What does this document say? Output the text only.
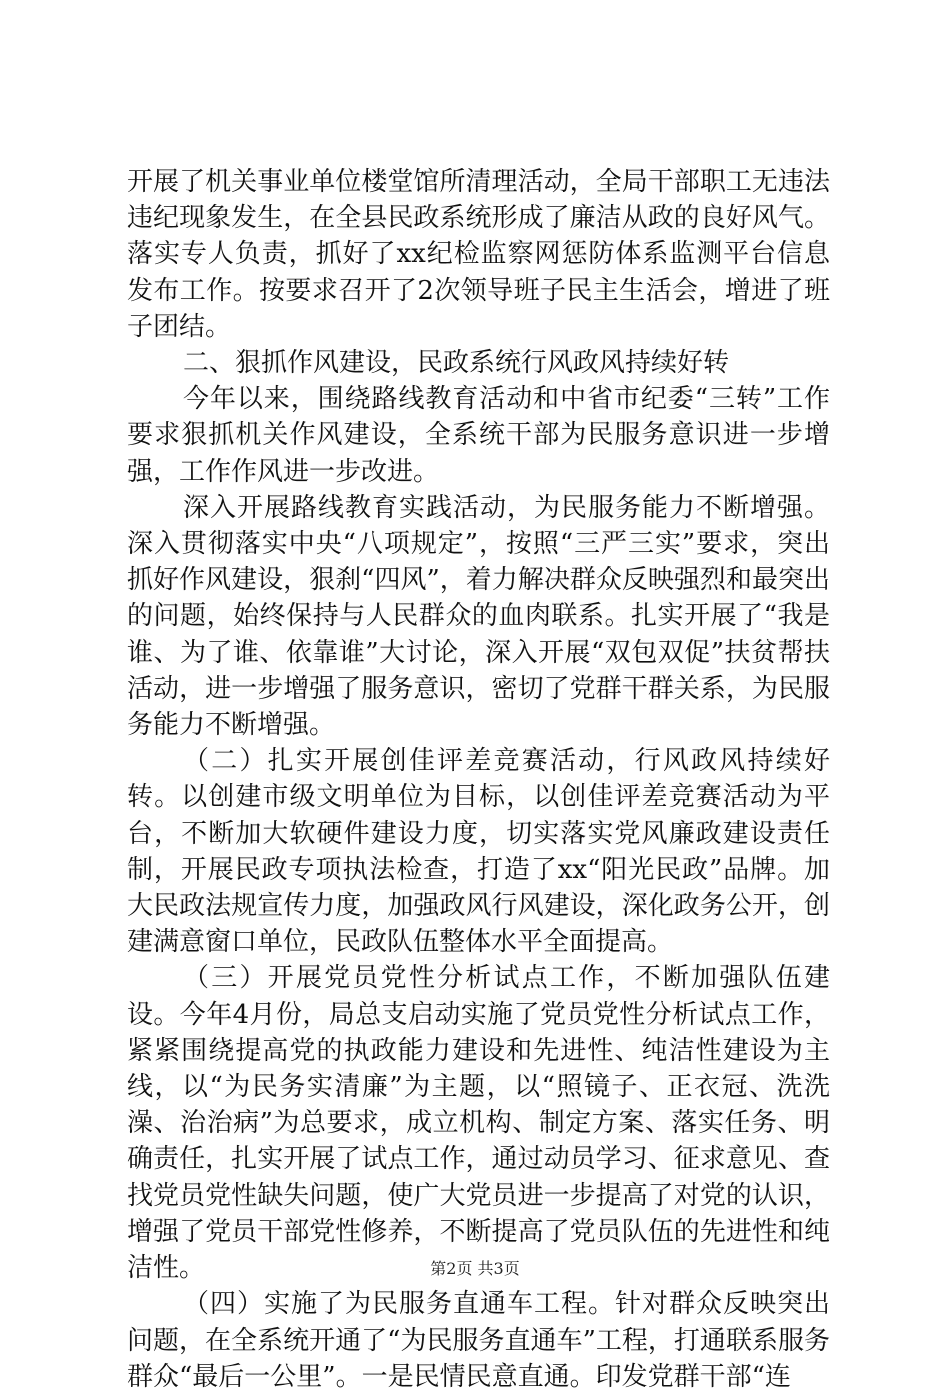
开展了机关事业单位楼堂馆所清理活动，全局干部职工无违法违纪现象发生，在全县民政系统形成了廉洁从政的良好风气。落实专人负责，抓好了xx纪检监察网惩防体系监测平台信息发布工作。按要求召开了2次领导班子民主生活会，增进了班子团结。

二、狠抓作风建设，民政系统行风政风持续好转

今年以来，围绕路线教育活动和中省市纪委“三转”工作要求狠抓机关作风建设，全系统干部为民服务意识进一步增强，工作作风进一步改进。

深入开展路线教育实践活动，为民服务能力不断增强。深入贯彻落实中央“八项规定”，按照“三严三实”要求，突出抓好作风建设，狠刹“四风”，着力解决群众反映强烈和最突出的问题，始终保持与人民群众的血肉联系。扎实开展了“我是谁、为了谁、依靠谁”大讨论，深入开展“双包双促”扶贫帮扶活动，进一步增强了服务意识，密切了党群干群关系，为民服务能力不断增强。

（二）扎实开展创佳评差竞赛活动，行风政风持续好转。以创建市级文明单位为目标，以创佳评差竞赛活动为平台，不断加大软硬件建设力度，切实落实党风廉政建设责任制，开展民政专项执法检查，打造了xx“阳光民政”品牌。加大民政法规宣传力度，加强政风行风建设，深化政务公开，创建满意窗口单位，民政队伍整体水平全面提高。

（三）开展党员党性分析试点工作，不断加强队伍建设。今年4月份，局总支启动实施了党员党性分析试点工作，紧紧围绕提高党的执政能力建设和先进性、纯洁性建设为主线，以“为民务实清廉”为主题，以“照镜子、正衣冠、洗洗澡、治治病”为总要求，成立机构、制定方案、落实任务、明确责任，扎实开展了试点工作，通过动员学习、征求意见、查找党员党性缺失问题，使广大党员进一步提高了对党的认识，增强了党员干部党性修养，不断提高了党员队伍的先进性和纯洁性。

（四）实施了为民服务直通车工程。针对群众反映突出问题，在全系统开通了“为民服务直通车”工程，打通联系服务群众“最后一公里”。一是民情民意直通。印发党群干部“连

第2页 共3页
